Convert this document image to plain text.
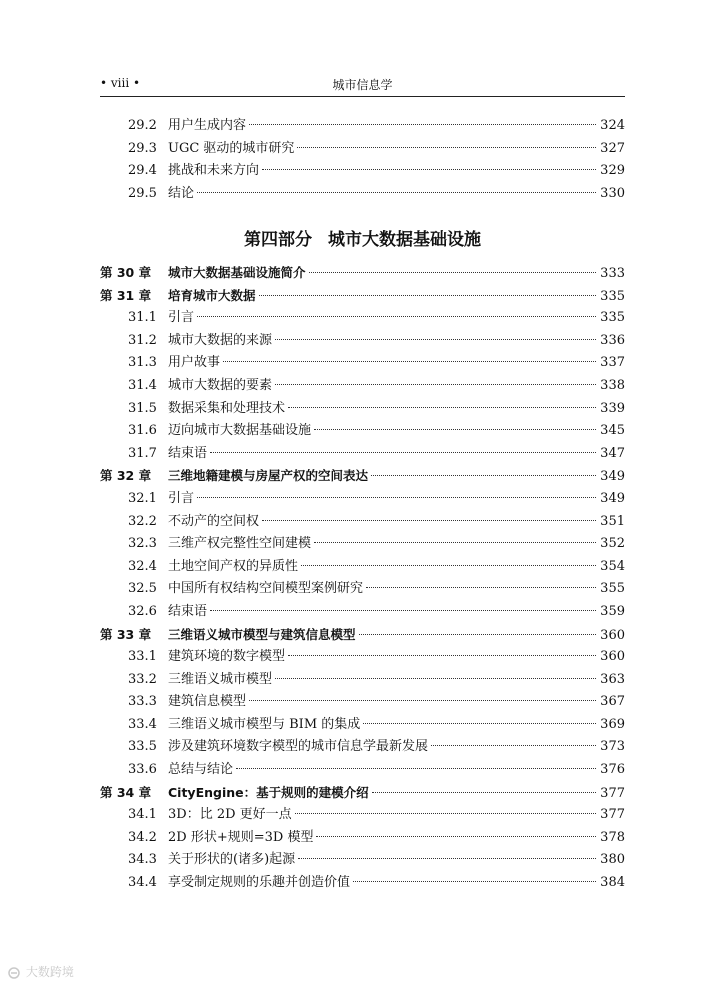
• viii •	城市信息学
29.2 用户生成内容	324
29.3 UGC 驱动的城市研究	327
29.4 挑战和未来方向	329
29.5 结论	330
第四部分 城市大数据基础设施
第 30 章	城市大数据基础设施简介	333
第 31 章	培育城市大数据	335
31.1 引言	335
31.2 城市大数据的来源	336
31.3 用户故事	337
31.4 城市大数据的要素	338
31.5 数据采集和处理技术	339
31.6 迈向城市大数据基础设施	345
31.7 结束语	347
第 32 章	三维地籍建模与房屋产权的空间表达	349
32.1 引言	349
32.2 不动产的空间权	351
32.3 三维产权完整性空间建模	352
32.4 土地空间产权的异质性	354
32.5 中国所有权结构空间模型案例研究	355
32.6 结束语	359
第 33 章	三维语义城市模型与建筑信息模型	360
33.1 建筑环境的数字模型	360
33.2 三维语义城市模型	363
33.3 建筑信息模型	367
33.4 三维语义城市模型与 BIM 的集成	369
33.5 涉及建筑环境数字模型的城市信息学最新发展	373
33.6 总结与结论	376
第 34 章	CityEngine：基于规则的建模介绍	377
34.1 3D：比 2D 更好一点	377
34.2 2D 形状+规则=3D 模型	378
34.3 关于形状的(诸多)起源	380
34.4 享受制定规则的乐趣并创造价值	384
大数跨境
